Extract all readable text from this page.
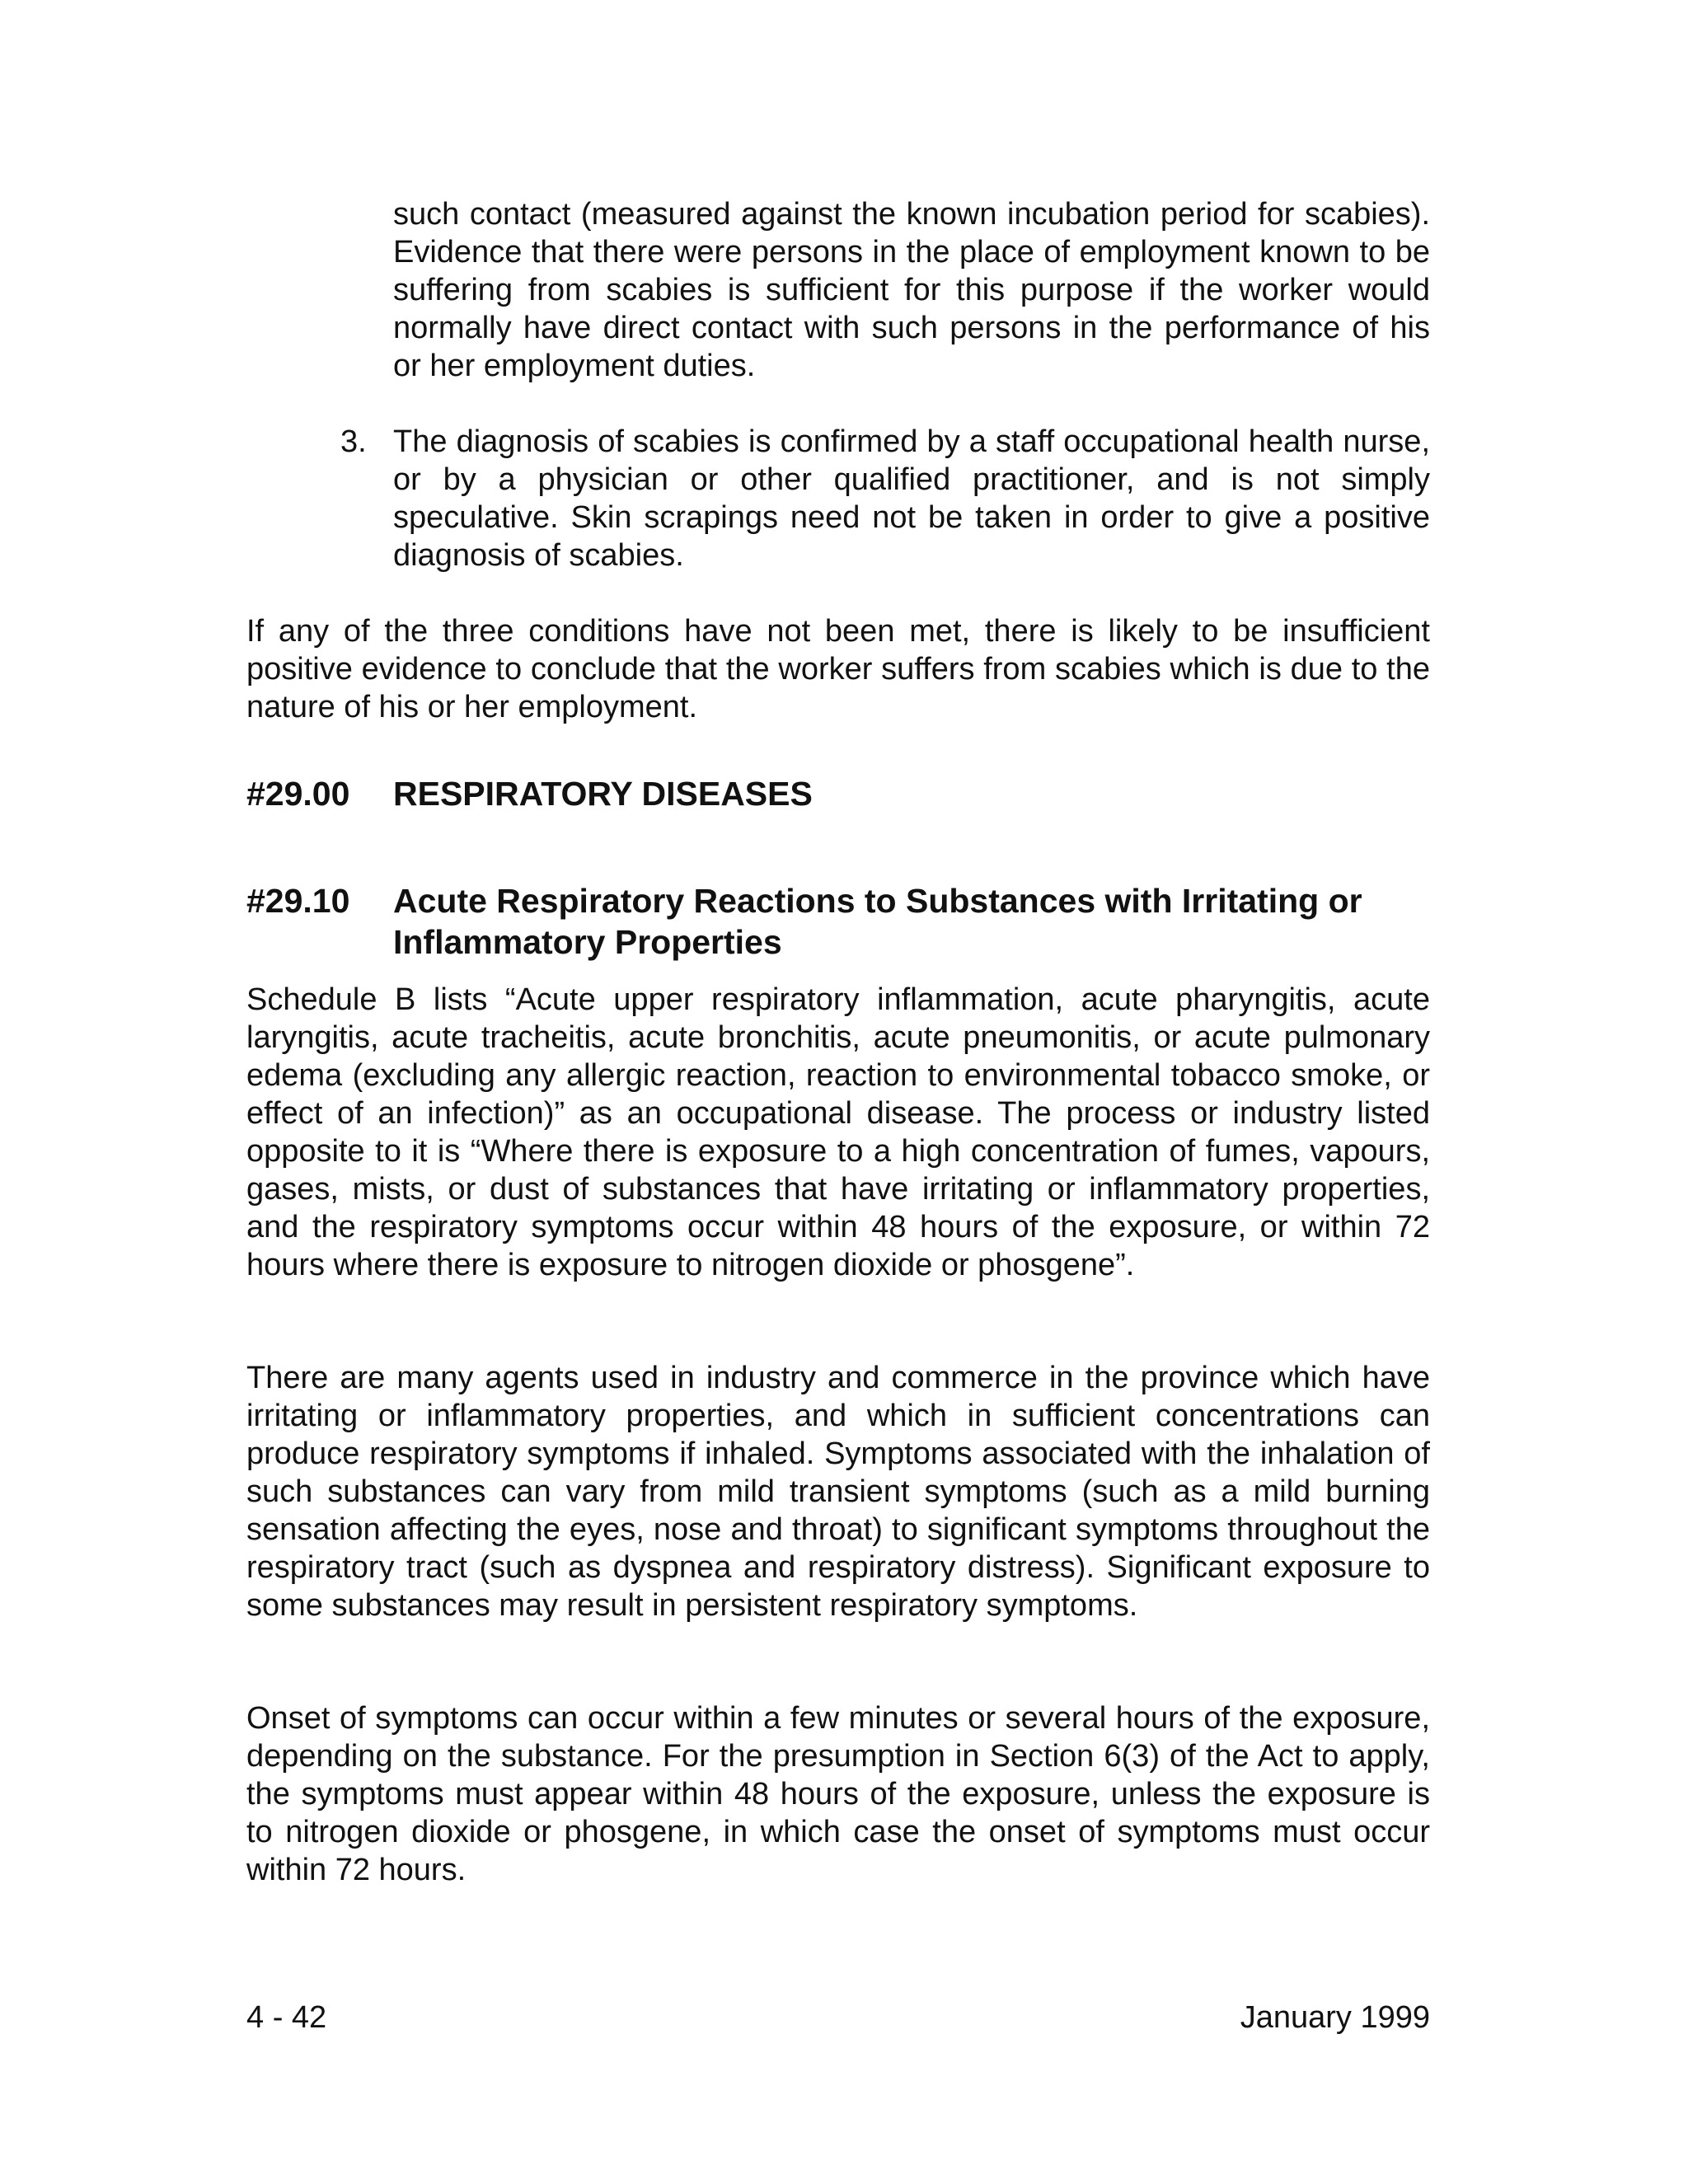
such contact (measured against the known incubation period for scabies). Evidence that there were persons in the place of employment known to be suffering from scabies is sufficient for this purpose if the worker would normally have direct contact with such persons in the performance of his or her employment duties.

3. The diagnosis of scabies is confirmed by a staff occupational health nurse, or by a physician or other qualified practitioner, and is not simply speculative. Skin scrapings need not be taken in order to give a positive diagnosis of scabies.

If any of the three conditions have not been met, there is likely to be insufficient positive evidence to conclude that the worker suffers from scabies which is due to the nature of his or her employment.

#29.00 RESPIRATORY DISEASES
#29.10 Acute Respiratory Reactions to Substances with Irritating or Inflammatory Properties

Schedule B lists “Acute upper respiratory inflammation, acute pharyngitis, acute laryngitis, acute tracheitis, acute bronchitis, acute pneumonitis, or acute pulmonary edema (excluding any allergic reaction, reaction to environmental tobacco smoke, or effect of an infection)” as an occupational disease. The process or industry listed opposite to it is “Where there is exposure to a high concentration of fumes, vapours, gases, mists, or dust of substances that have irritating or inflammatory properties, and the respiratory symptoms occur within 48 hours of the exposure, or within 72 hours where there is exposure to nitrogen dioxide or phosgene”.

There are many agents used in industry and commerce in the province which have irritating or inflammatory properties, and which in sufficient concentrations can produce respiratory symptoms if inhaled. Symptoms associated with the inhalation of such substances can vary from mild transient symptoms (such as a mild burning sensation affecting the eyes, nose and throat) to significant symptoms throughout the respiratory tract (such as dyspnea and respiratory distress). Significant exposure to some substances may result in persistent respiratory symptoms.

Onset of symptoms can occur within a few minutes or several hours of the exposure, depending on the substance. For the presumption in Section 6(3) of the Act to apply, the symptoms must appear within 48 hours of the exposure, unless the exposure is to nitrogen dioxide or phosgene, in which case the onset of symptoms must occur within 72 hours.

4 - 42	January 1999
